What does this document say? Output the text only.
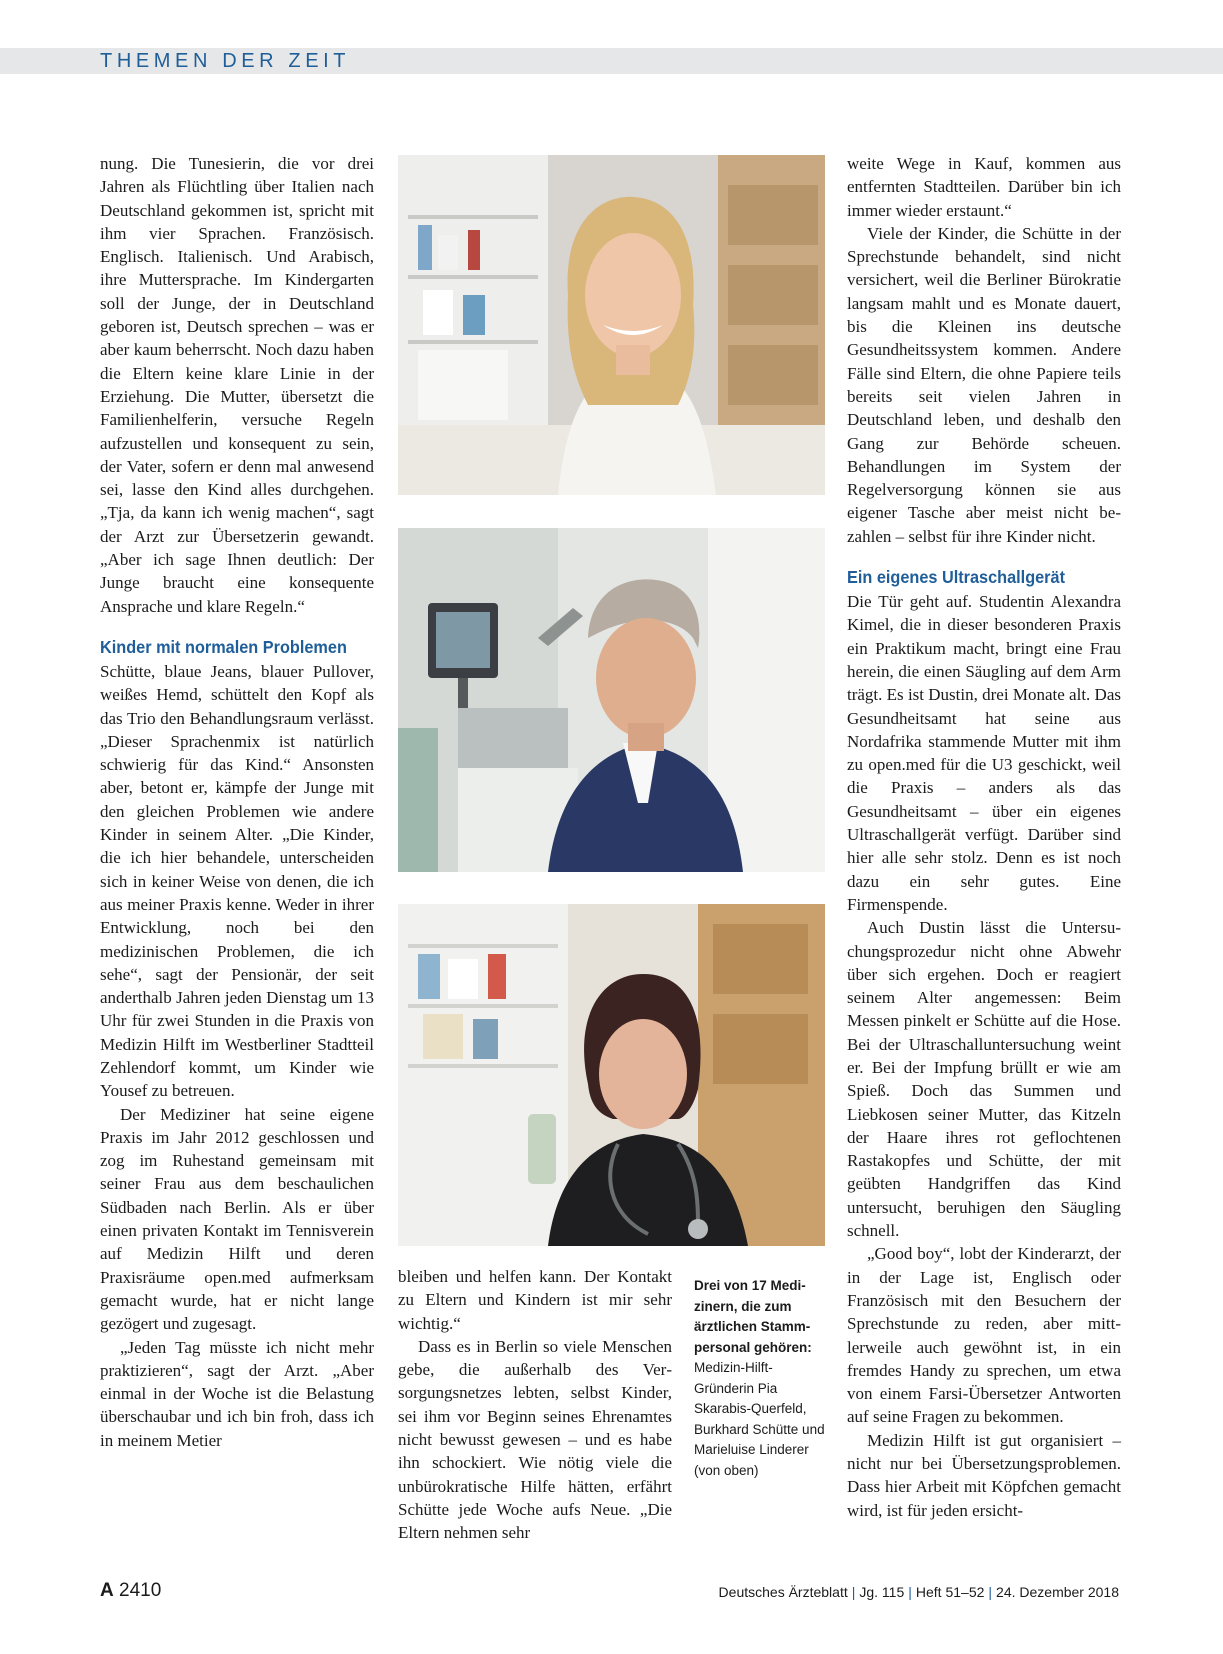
THEMEN DER ZEIT

nung. Die Tunesierin, die vor drei Jahren als Flüchtling über Italien nach Deutschland gekommen ist, spricht mit ihm vier Sprachen. Französisch. Englisch. Italienisch. Und Arabisch, ihre Muttersprache. Im Kindergarten soll der Junge, der in Deutschland geboren ist, Deutsch sprechen – was er aber kaum beherrscht. Noch dazu haben die Eltern keine klare Linie in der Erziehung. Die Mutter, übersetzt die Familienhelferin, versuche Regeln aufzustellen und konsequent zu sein, der Vater, sofern er denn mal anwesend sei, lasse den Kind alles durchgehen. „Tja, da kann ich wenig machen“, sagt der Arzt zur Übersetzerin gewandt. „Aber ich sage Ihnen deutlich: Der Junge braucht eine konsequente Ansprache und klare Regeln.“

Kinder mit normalen Problemen

Schütte, blaue Jeans, blauer Pullover, weißes Hemd, schüttelt den Kopf als das Trio den Behandlungsraum verlässt. „Dieser Sprachenmix ist natürlich schwierig für das Kind.“ Ansonsten aber, betont er, kämpfe der Junge mit den gleichen Problemen wie andere Kinder in seinem Alter. „Die Kinder, die ich hier behandele, unterscheiden sich in keiner Weise von denen, die ich aus meiner Praxis kenne. Weder in ihrer Entwicklung, noch bei den medizinischen Problemen, die ich sehe“, sagt der Pensionär, der seit anderthalb Jahren jeden Dienstag um 13 Uhr für zwei Stunden in die Praxis von Medizin Hilft im Westberliner Stadtteil Zehlendorf kommt, um Kinder wie Yousef zu betreuen.

Der Mediziner hat seine eigene Praxis im Jahr 2012 geschlossen und zog im Ruhestand gemeinsam mit seiner Frau aus dem beschaulichen Südbaden nach Berlin. Als er über einen privaten Kontakt im Tennisverein auf Medizin Hilft und deren Praxisräume open.med aufmerksam gemacht wurde, hat er nicht lange gezögert und zugesagt.

„Jeden Tag müsste ich nicht mehr praktizieren“, sagt der Arzt. „Aber einmal in der Woche ist die Belastung überschaubar und ich bin froh, dass ich in meinem Metier

Drei von 17 Medizinern, die zum ärztlichen Stammpersonal gehören: Medizin-Hilft-Gründerin Pia Skarabis-Querfeld, Burkhard Schütte und Marieluise Linderer (von oben)

bleiben und helfen kann. Der Kontakt zu Eltern und Kindern ist mir sehr wichtig.“

Dass es in Berlin so viele Menschen gebe, die außerhalb des Versorgungsnetzes lebten, selbst Kinder, sei ihm vor Beginn seines Ehrenamtes nicht bewusst gewesen – und es habe ihn schockiert. Wie nötig viele die unbürokratische Hilfe hätten, erfährt Schütte jede Woche aufs Neue. „Die Eltern nehmen sehr

weite Wege in Kauf, kommen aus entfernten Stadtteilen. Darüber bin ich immer wieder erstaunt.“

Viele der Kinder, die Schütte in der Sprechstunde behandelt, sind nicht versichert, weil die Berliner Bürokratie langsam mahlt und es Monate dauert, bis die Kleinen ins deutsche Gesundheitssystem kommen. Andere Fälle sind Eltern, die ohne Papiere teils bereits seit vielen Jahren in Deutschland leben, und deshalb den Gang zur Behörde scheuen. Behandlungen im System der Regelversorgung können sie aus eigener Tasche aber meist nicht bezahlen – selbst für ihre Kinder nicht.

Ein eigenes Ultraschallgerät

Die Tür geht auf. Studentin Alexandra Kimel, die in dieser besonderen Praxis ein Praktikum macht, bringt eine Frau herein, die einen Säugling auf dem Arm trägt. Es ist Dustin, drei Monate alt. Das Gesundheitsamt hat seine aus Nordafrika stammende Mutter mit ihm zu open.med für die U3 geschickt, weil die Praxis – anders als das Gesundheitsamt – über ein eigenes Ultraschallgerät verfügt. Darüber sind hier alle sehr stolz. Denn es ist noch dazu ein sehr gutes. Eine Firmenspende.

Auch Dustin lässt die Untersuchungsprozedur nicht ohne Abwehr über sich ergehen. Doch er reagiert seinem Alter angemessen: Beim Messen pinkelt er Schütte auf die Hose. Bei der Ultraschalluntersuchung weint er. Bei der Impfung brüllt er wie am Spieß. Doch das Summen und Liebkosen seiner Mutter, das Kitzeln der Haare ihres rot geflochtenen Rastakopfes und Schütte, der mit geübten Handgriffen das Kind untersucht, beruhigen den Säugling schnell.

„Good boy“, lobt der Kinderarzt, der in der Lage ist, Englisch oder Französisch mit den Besuchern der Sprechstunde zu reden, aber mittlerweile auch gewöhnt ist, in ein fremdes Handy zu sprechen, um etwa von einem Farsi-Übersetzer Antworten auf seine Fragen zu bekommen.

Medizin Hilft ist gut organisiert – nicht nur bei Übersetzungsproblemen. Dass hier Arbeit mit Köpfchen gemacht wird, ist für jeden ersicht-

A 2410	Deutsches Ärzteblatt | Jg. 115 | Heft 51–52 | 24. Dezember 2018
